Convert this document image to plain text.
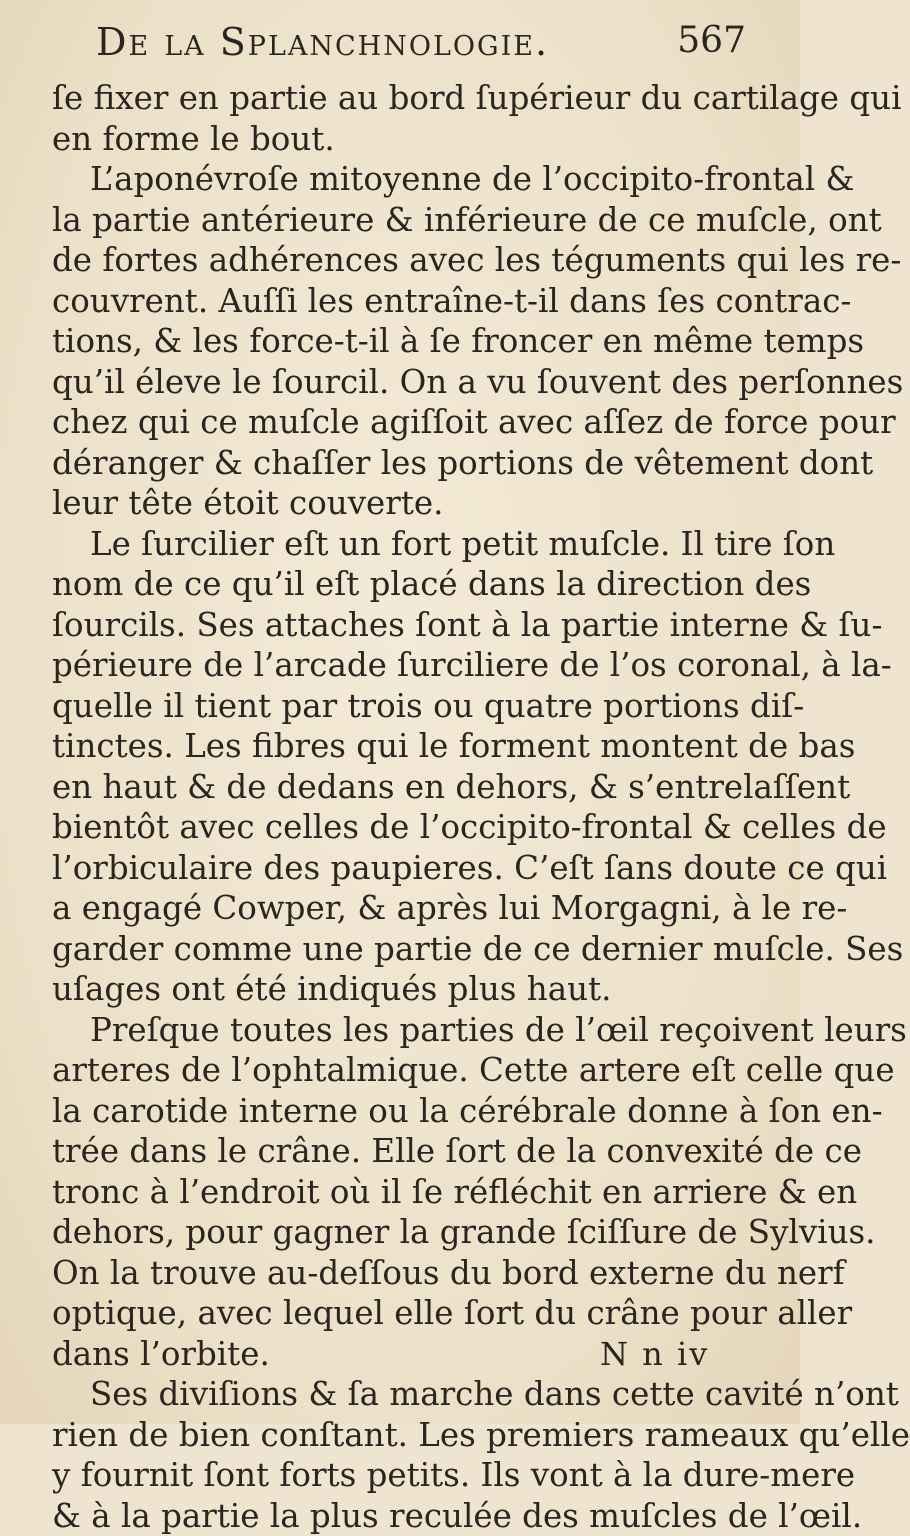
De la Splanchnologie.	567
ſe fixer en partie au bord ſupérieur du cartilage qui
en forme le bout.
L’aponévroſe mitoyenne de l’occipito-frontal &
la partie antérieure & inférieure de ce muſcle, ont
de fortes adhérences avec les téguments qui les re-
couvrent. Auſſi les entraîne-t-il dans ſes contrac-
tions, & les force-t-il à ſe froncer en même temps
qu’il éleve le ſourcil. On a vu ſouvent des perſonnes
chez qui ce muſcle agiſſoit avec aſſez de force pour
déranger & chaſſer les portions de vêtement dont
leur tête étoit couverte.
Le ſurcilier eſt un fort petit muſcle. Il tire ſon
nom de ce qu’il eſt placé dans la direction des
ſourcils. Ses attaches ſont à la partie interne & ſu-
périeure de l’arcade ſurciliere de l’os coronal, à la-
quelle il tient par trois ou quatre portions diſ-
tinctes. Les fibres qui le forment montent de bas
en haut & de dedans en dehors, & s’entrelaſſent
bientôt avec celles de l’occipito-frontal & celles de
l’orbiculaire des paupieres. C’eſt ſans doute ce qui
a engagé Cowper, & après lui Morgagni, à le re-
garder comme une partie de ce dernier muſcle. Ses
uſages ont été indiqués plus haut.
Preſque toutes les parties de l’œil reçoivent leurs
arteres de l’ophtalmique. Cette artere eſt celle que
la carotide interne ou la cérébrale donne à ſon en-
trée dans le crâne. Elle ſort de la convexité de ce
tronc à l’endroit où il ſe réfléchit en arriere & en
dehors, pour gagner la grande ſciſſure de Sylvius.
On la trouve au-deſſous du bord externe du nerf
optique, avec lequel elle ſort du crâne pour aller
dans l’orbite.
Ses diviſions & ſa marche dans cette cavité n’ont
rien de bien conſtant. Les premiers rameaux qu’elle
y fournit ſont forts petits. Ils vont à la dure-mere
& à la partie la plus reculée des muſcles de l’œil.
N n iv
